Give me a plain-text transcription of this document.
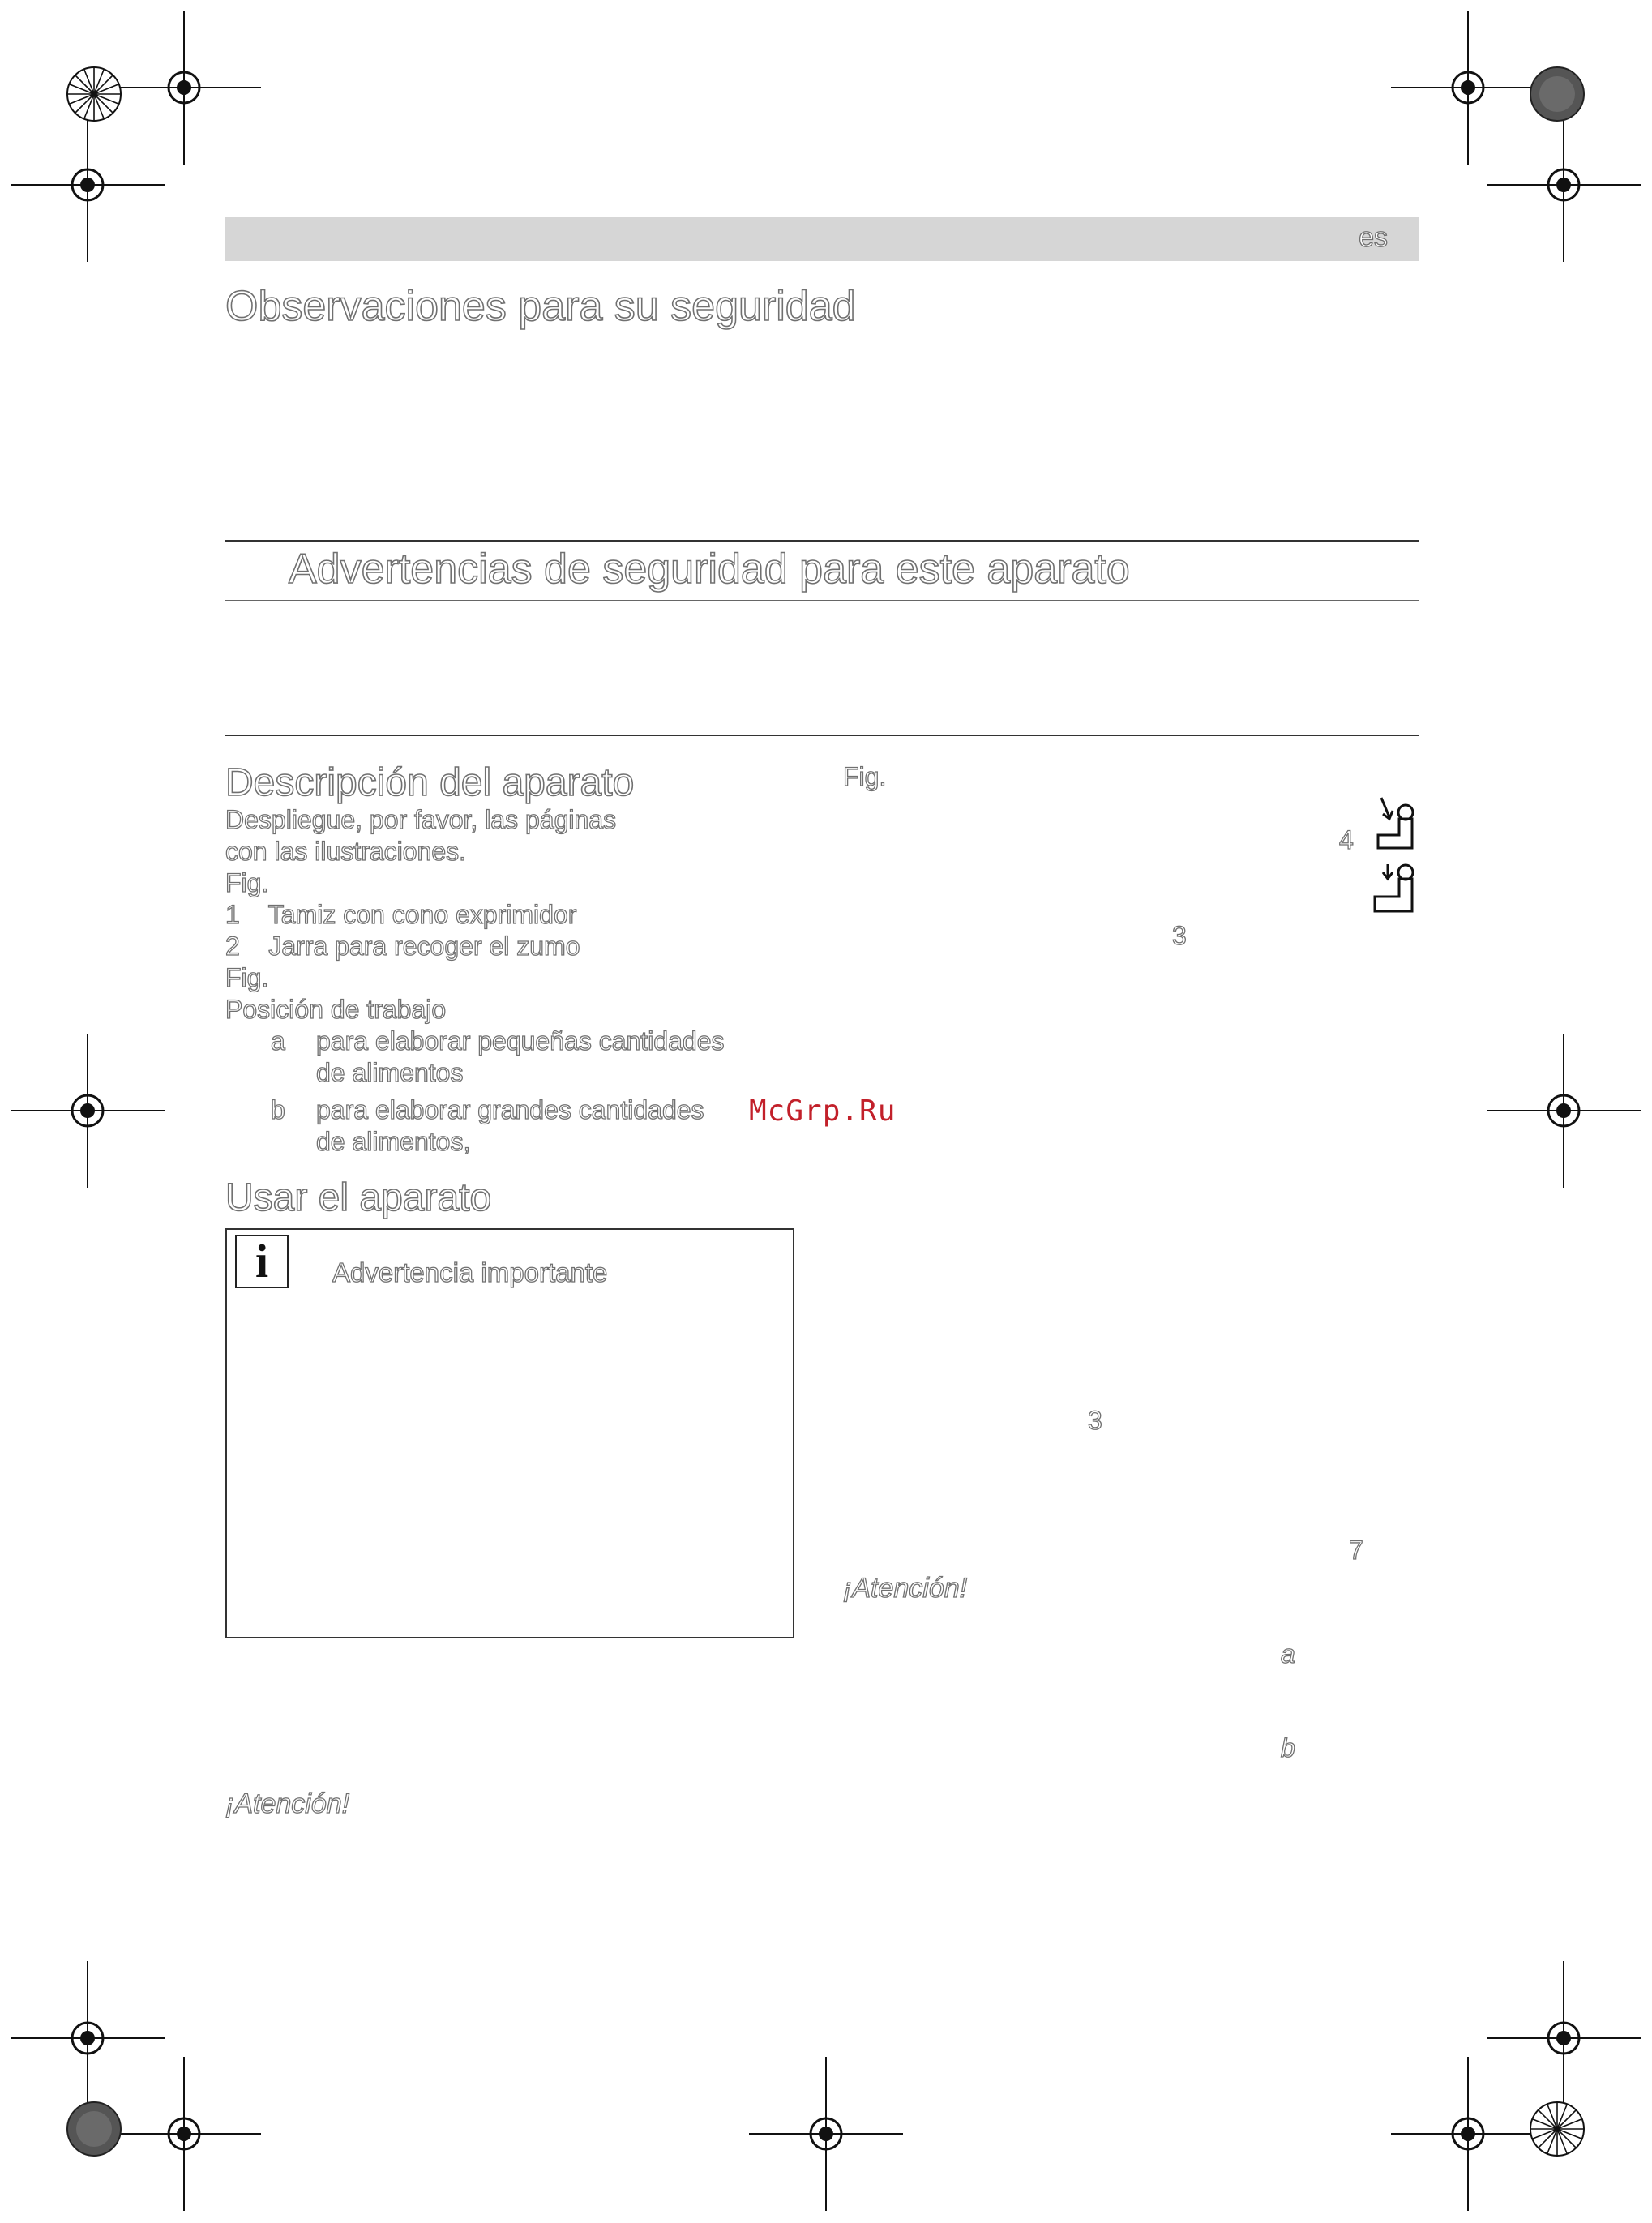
es
Observaciones para su seguridad
Advertencias de seguridad para este aparato
Descripción del aparato
Despliegue, por favor, las páginas
con las ilustraciones.
Fig.
1    Tamiz con cono exprimidor
2    Jarra para recoger el zumo
Fig.
Posición de trabajo
a para elaborar pequeñas cantidades
de alimentos
b para elaborar grandes cantidades
de alimentos,
McGrp.Ru
Usar el aparato
i	Advertencia importante
¡Atención!
Fig.
4
3
3
7
¡Atención!
a
b
